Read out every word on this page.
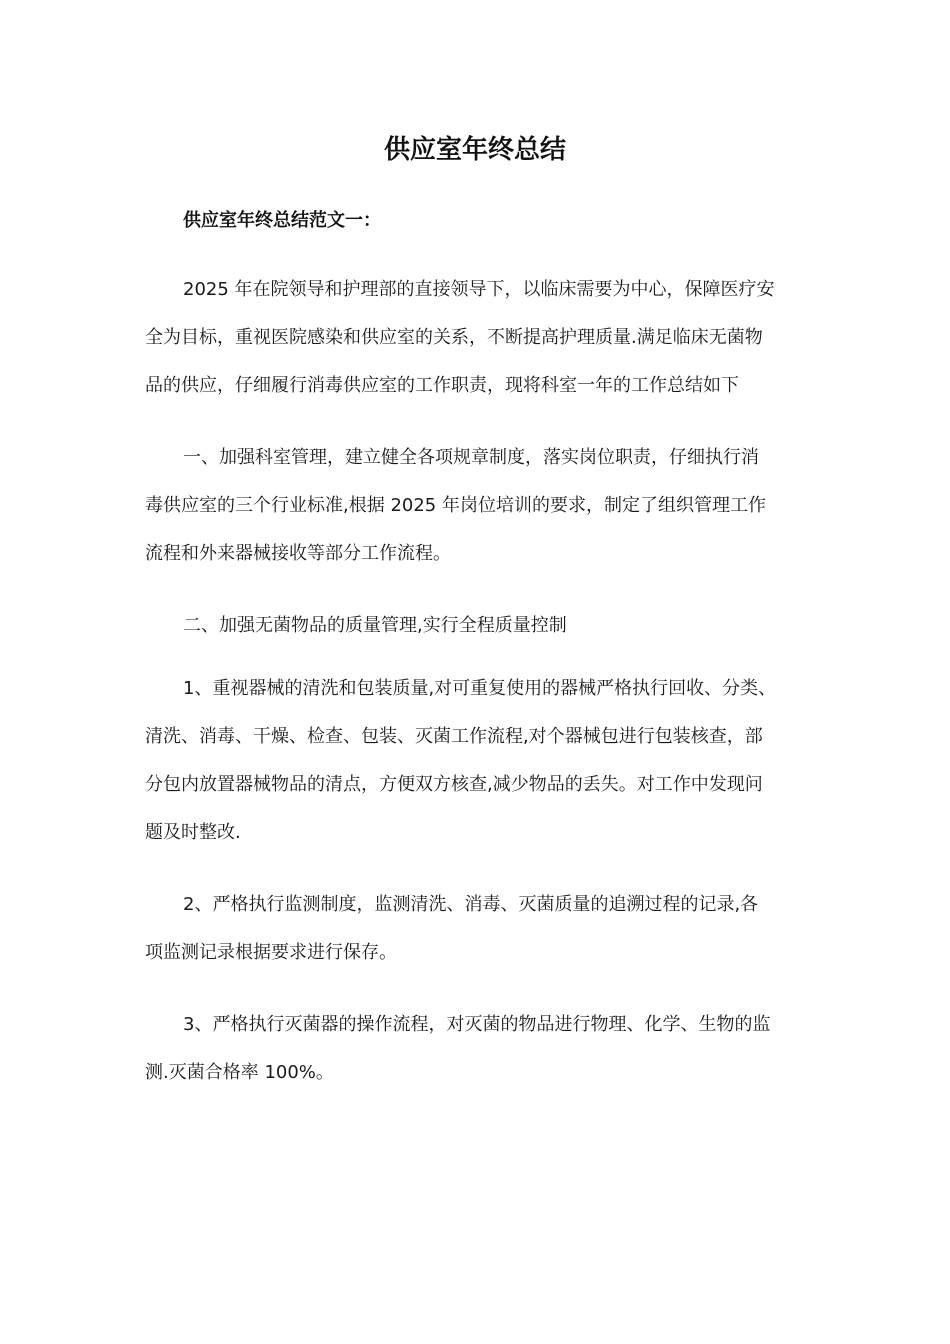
供应室年终总结
供应室年终总结范文一：
2025 年在院领导和护理部的直接领导下，以临床需要为中心，保障医疗安
全为目标，重视医院感染和供应室的关系，不断提高护理质量.满足临床无菌物
品的供应，仔细履行消毒供应室的工作职责，现将科室一年的工作总结如下
一、加强科室管理，建立健全各项规章制度，落实岗位职责，仔细执行消
毒供应室的三个行业标准,根据 2025 年岗位培训的要求，制定了组织管理工作
流程和外来器械接收等部分工作流程。
二、加强无菌物品的质量管理,实行全程质量控制
1、重视器械的清洗和包装质量,对可重复使用的器械严格执行回收、分类、
清洗、消毒、干燥、检查、包装、灭菌工作流程,对个器械包进行包装核查，部
分包内放置器械物品的清点，方便双方核查,减少物品的丢失。对工作中发现问
题及时整改.
2、严格执行监测制度，监测清洗、消毒、灭菌质量的追溯过程的记录,各
项监测记录根据要求进行保存。
3、严格执行灭菌器的操作流程，对灭菌的物品进行物理、化学、生物的监
测.灭菌合格率 100%。
